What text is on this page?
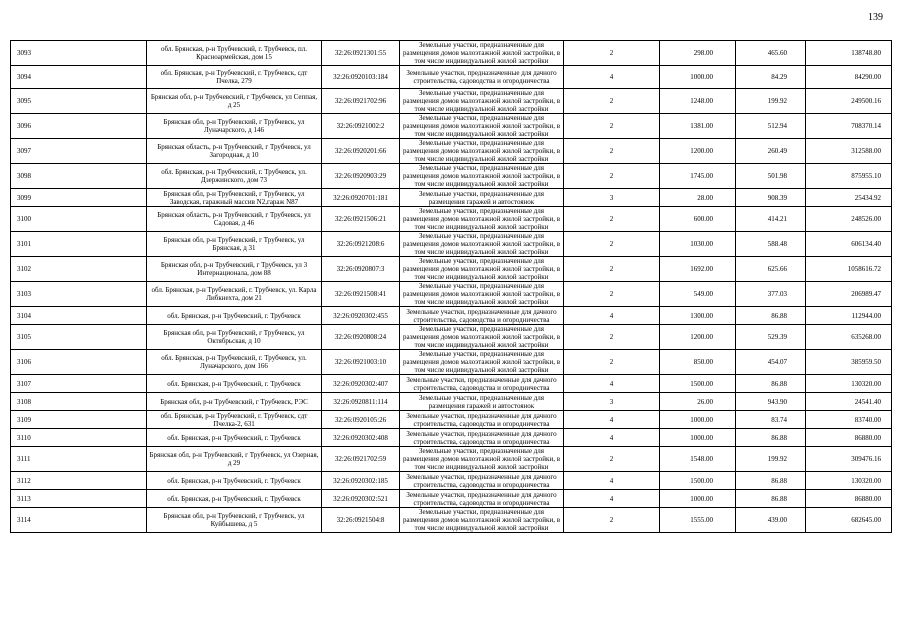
139
3093	обл. Брянская, р-н Трубчевский, г. Трубчевск, пл. Красноармейская, дом 15	32:26:0921301:55	Земельные участки, предназначенные для размещения домов малоэтажной жилой застройки, в том числе индивидуальной жилой застройки	2	298.00	465.60	138748.80
3094	обл. Брянская, р-н Трубчевский, г. Трубчевск, сдт Пчелка, 279	32:26:0920103:184	Земельные участки, предназначенные для дачного строительства, садоводства и огородничества	4	1000.00	84.29	84290.00
3095	Брянская обл, р-н Трубчевский, г Трубчевск, ул Сеппая, д 25	32:26:0921702:96	Земельные участки, предназначенные для размещения домов малоэтажной жилой застройки, в том числе индивидуальной жилой застройки	2	1248.00	199.92	249500.16
3096	Брянская обл, р-н Трубчевский, г Трубчевск, ул Луначарского, д 146	32:26:0921002:2	Земельные участки, предназначенные для размещения домов малоэтажной жилой застройки, в том числе индивидуальной жилой застройки	2	1381.00	512.94	708370.14
3097	Брянская область, р-н Трубчевский, г Трубчевск, ул Загородная, д 10	32:26:0920201:66	Земельные участки, предназначенные для размещения домов малоэтажной жилой застройки, в том числе индивидуальной жилой застройки	2	1200.00	260.49	312588.00
3098	обл. Брянская, р-н Трубчевский, г. Трубчевск, ул. Дзержинского, дом 73	32:26:0920903:29	Земельные участки, предназначенные для размещения домов малоэтажной жилой застройки, в том числе индивидуальной жилой застройки	2	1745.00	501.98	875955.10
3099	Брянская обл, р-н Трубчевский, г Трубчевск, ул Заводская, гаражный массив N2,гараж N87	32:26:0920701:181	Земельные участки, предназначенные для размещения гаражей и автостоянок	3	28.00	908.39	25434.92
3100	Брянская область, р-н Трубчевский, г Трубчевск, ул Садовая, д 46	32:26:0921506:21	Земельные участки, предназначенные для размещения домов малоэтажной жилой застройки, в том числе индивидуальной жилой застройки	2	600.00	414.21	248526.00
3101	Брянская обл, р-н Трубчевский, г Трубчевск, ул Брянская, д 31	32:26:0921208:6	Земельные участки, предназначенные для размещения домов малоэтажной жилой застройки, в том числе индивидуальной жилой застройки	2	1030.00	588.48	606134.40
3102	Брянская обл, р-н Трубчевский, г Трубчевск, ул 3 Интернационала, дом 88	32:26:0920807:3	Земельные участки, предназначенные для размещения домов малоэтажной жилой застройки, в том числе индивидуальной жилой застройки	2	1692.00	625.66	1058616.72
3103	обл. Брянская, р-н Трубчевский, г. Трубчевск, ул. Карла Либкнехта, дом 21	32:26:0921508:41	Земельные участки, предназначенные для размещения домов малоэтажной жилой застройки, в том числе индивидуальной жилой застройки	2	549.00	377.03	206989.47
3104	обл. Брянская, р-н Трубчевский, г. Трубчевск	32:26:0920302:455	Земельные участки, предназначенные для дачного строительства, садоводства и огородничества	4	1300.00	86.88	112944.00
3105	Брянская обл, р-н Трубчевский, г Трубчевск, ул Октябрьская, д 10	32:26:0920808:24	Земельные участки, предназначенные для размещения домов малоэтажной жилой застройки, в том числе индивидуальной жилой застройки	2	1200.00	529.39	635268.00
3106	обл. Брянская, р-н Трубчевский, г. Трубчевск, ул. Луначарского, дом 166	32:26:0921003:10	Земельные участки, предназначенные для размещения домов малоэтажной жилой застройки, в том числе индивидуальной жилой застройки	2	850.00	454.07	385959.50
3107	обл. Брянская, р-н Трубчевский, г. Трубчевск	32:26:0920302:407	Земельные участки, предназначенные для дачного строительства, садоводства и огородничества	4	1500.00	86.88	130320.00
3108	Брянская обл, р-н Трубчевский, г Трубчевск, РЭС	32:26:0920811:114	Земельные участки, предназначенные для размещения гаражей и автостоянок	3	26.00	943.90	24541.40
3109	обл. Брянская, р-н Трубчевский, г. Трубчевск, сдт Пчелка-2, 631	32:26:0920105:26	Земельные участки, предназначенные для дачного строительства, садоводства и огородничества	4	1000.00	83.74	83740.00
3110	обл. Брянская, р-н Трубчевский, г. Трубчевск	32:26:0920302:408	Земельные участки, предназначенные для дачного строительства, садоводства и огородничества	4	1000.00	86.88	86880.00
3111	Брянская обл, р-н Трубчевский, г Трубчевск, ул Озерная, д 29	32:26:0921702:59	Земельные участки, предназначенные для размещения домов малоэтажной жилой застройки, в том числе индивидуальной жилой застройки	2	1548.00	199.92	309476.16
3112	обл. Брянская, р-н Трубчевский, г. Трубчевск	32:26:0920302:185	Земельные участки, предназначенные для дачного строительства, садоводства и огородничества	4	1500.00	86.88	130320.00
3113	обл. Брянская, р-н Трубчевский, г. Трубчевск	32:26:0920302:521	Земельные участки, предназначенные для дачного строительства, садоводства и огородничества	4	1000.00	86.88	86880.00
3114	Брянская обл, р-н Трубчевский, г Трубчевск, ул Куйбышева, д 5	32:26:0921504:8	Земельные участки, предназначенные для размещения домов малоэтажной жилой застройки, в том числе индивидуальной жилой застройки	2	1555.00	439.00	682645.00
